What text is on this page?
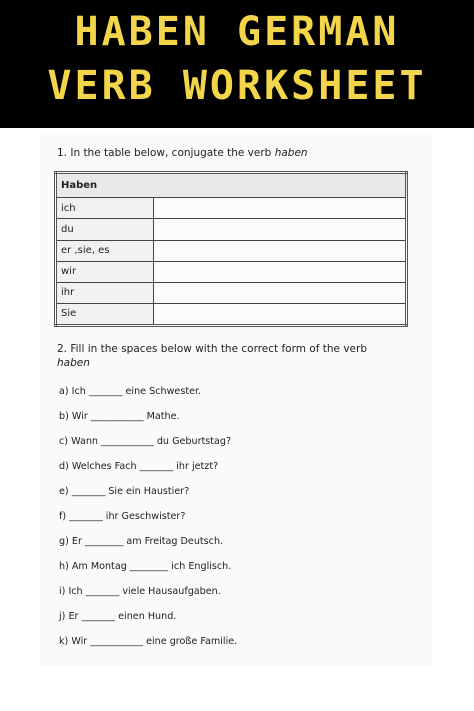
HABEN GERMAN
VERB WORKSHEET
1. In the table below, conjugate the verb haben
Haben	
ich	
du	
er ,sie, es	
wir	
ihr	
Sie	
2. Fill in the spaces below with the correct form of the verb haben
a) Ich _______ eine Schwester.
b) Wir ___________ Mathe.
c) Wann ___________ du Geburtstag?
d) Welches Fach _______ ihr jetzt?
e) _______ Sie ein Haustier?
f) _______ ihr Geschwister?
g) Er ________ am Freitag Deutsch.
h) Am Montag ________ ich Englisch.
i) Ich _______ viele Hausaufgaben.
j) Er _______ einen Hund.
k) Wir ___________ eine große Familie.
